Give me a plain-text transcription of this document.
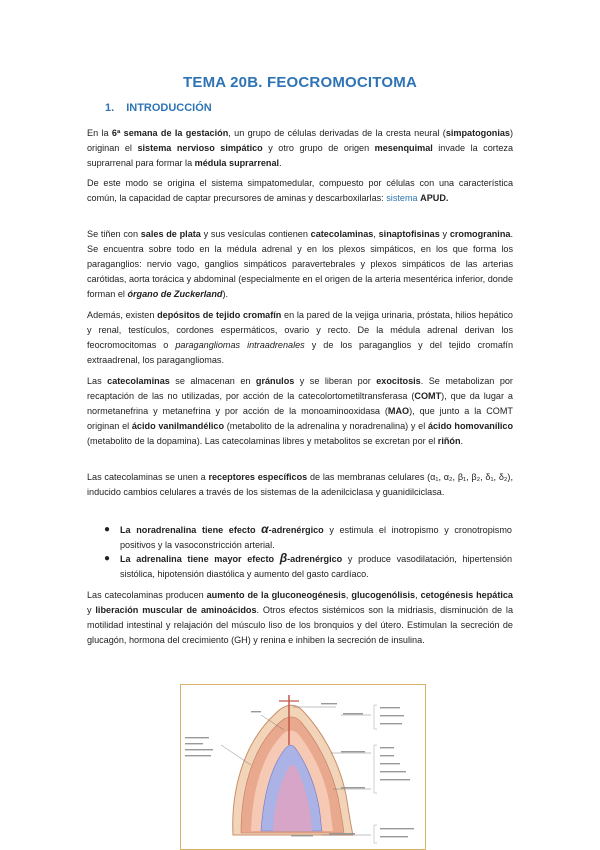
TEMA 20B. FEOCROMOCITOMA
1. INTRODUCCIÓN
En la 6ª semana de la gestación, un grupo de células derivadas de la cresta neural (simpatogonias) originan el sistema nervioso simpático y otro grupo de origen mesenquimal invade la corteza suprarrenal para formar la médula suprarrenal.
De este modo se origina el sistema simpatomedular, compuesto por células con una característica común, la capacidad de captar precursores de aminas y descarboxilarlas: sistema APUD.
Se tiñen con sales de plata y sus vesículas contienen catecolaminas, sinaptofisinas y cromogranina. Se encuentra sobre todo en la médula adrenal y en los plexos simpáticos, en los que forma los paraganglios: nervio vago, ganglios simpáticos paravertebrales y plexos simpáticos de las arterias carótidas, aorta torácica y abdominal (especialmente en el origen de la arteria mesentérica inferior, donde forman el órgano de Zuckerland).
Además, existen depósitos de tejido cromafín en la pared de la vejiga urinaria, próstata, hilios hepático y renal, testículos, cordones espermáticos, ovario y recto. De la médula adrenal derivan los feocromocitomas o paragangliomas intraadrenales y de los paraganglios y del tejido cromafín extraadrenal, los paragangliomas.
Las catecolaminas se almacenan en gránulos y se liberan por exocitosis. Se metabolizan por recaptación de las no utilizadas, por acción de la catecolortometiltransferasa (COMT), que da lugar a normetanefrina y metanefrina y por acción de la monoaminooxidasa (MAO), que junto a la COMT originan el ácido vanilmandélico (metabolito de la adrenalina y noradrenalina) y el ácido homovanílico (metabolito de la dopamina). Las catecolaminas libres y metabolitos se excretan por el riñón.
Las catecolaminas se unen a receptores específicos de las membranas celulares (α₁, α₂, β₁, β₂, δ₁, δ₂), inducido cambios celulares a través de los sistemas de la adenilciclasa y guanidilciclasa.
● La noradrenalina tiene efecto α-adrenérgico y estimula el inotropismo y cronotropismo positivos y la vasoconstricción arterial.
● La adrenalina tiene mayor efecto β-adrenérgico y produce vasodilatación, hipertensión sistólica, hipotensión diastólica y aumento del gasto cardíaco.
Las catecolaminas producen aumento de la gluconeogénesis, glucogenólisis, cetogénesis hepática y liberación muscular de aminoácidos. Otros efectos sistémicos son la midriasis, disminución de la motilidad intestinal y relajación del músculo liso de los bronquios y del útero. Estimulan la secreción de glucagón, hormona del crecimiento (GH) y renina e inhiben la secreción de insulina.
